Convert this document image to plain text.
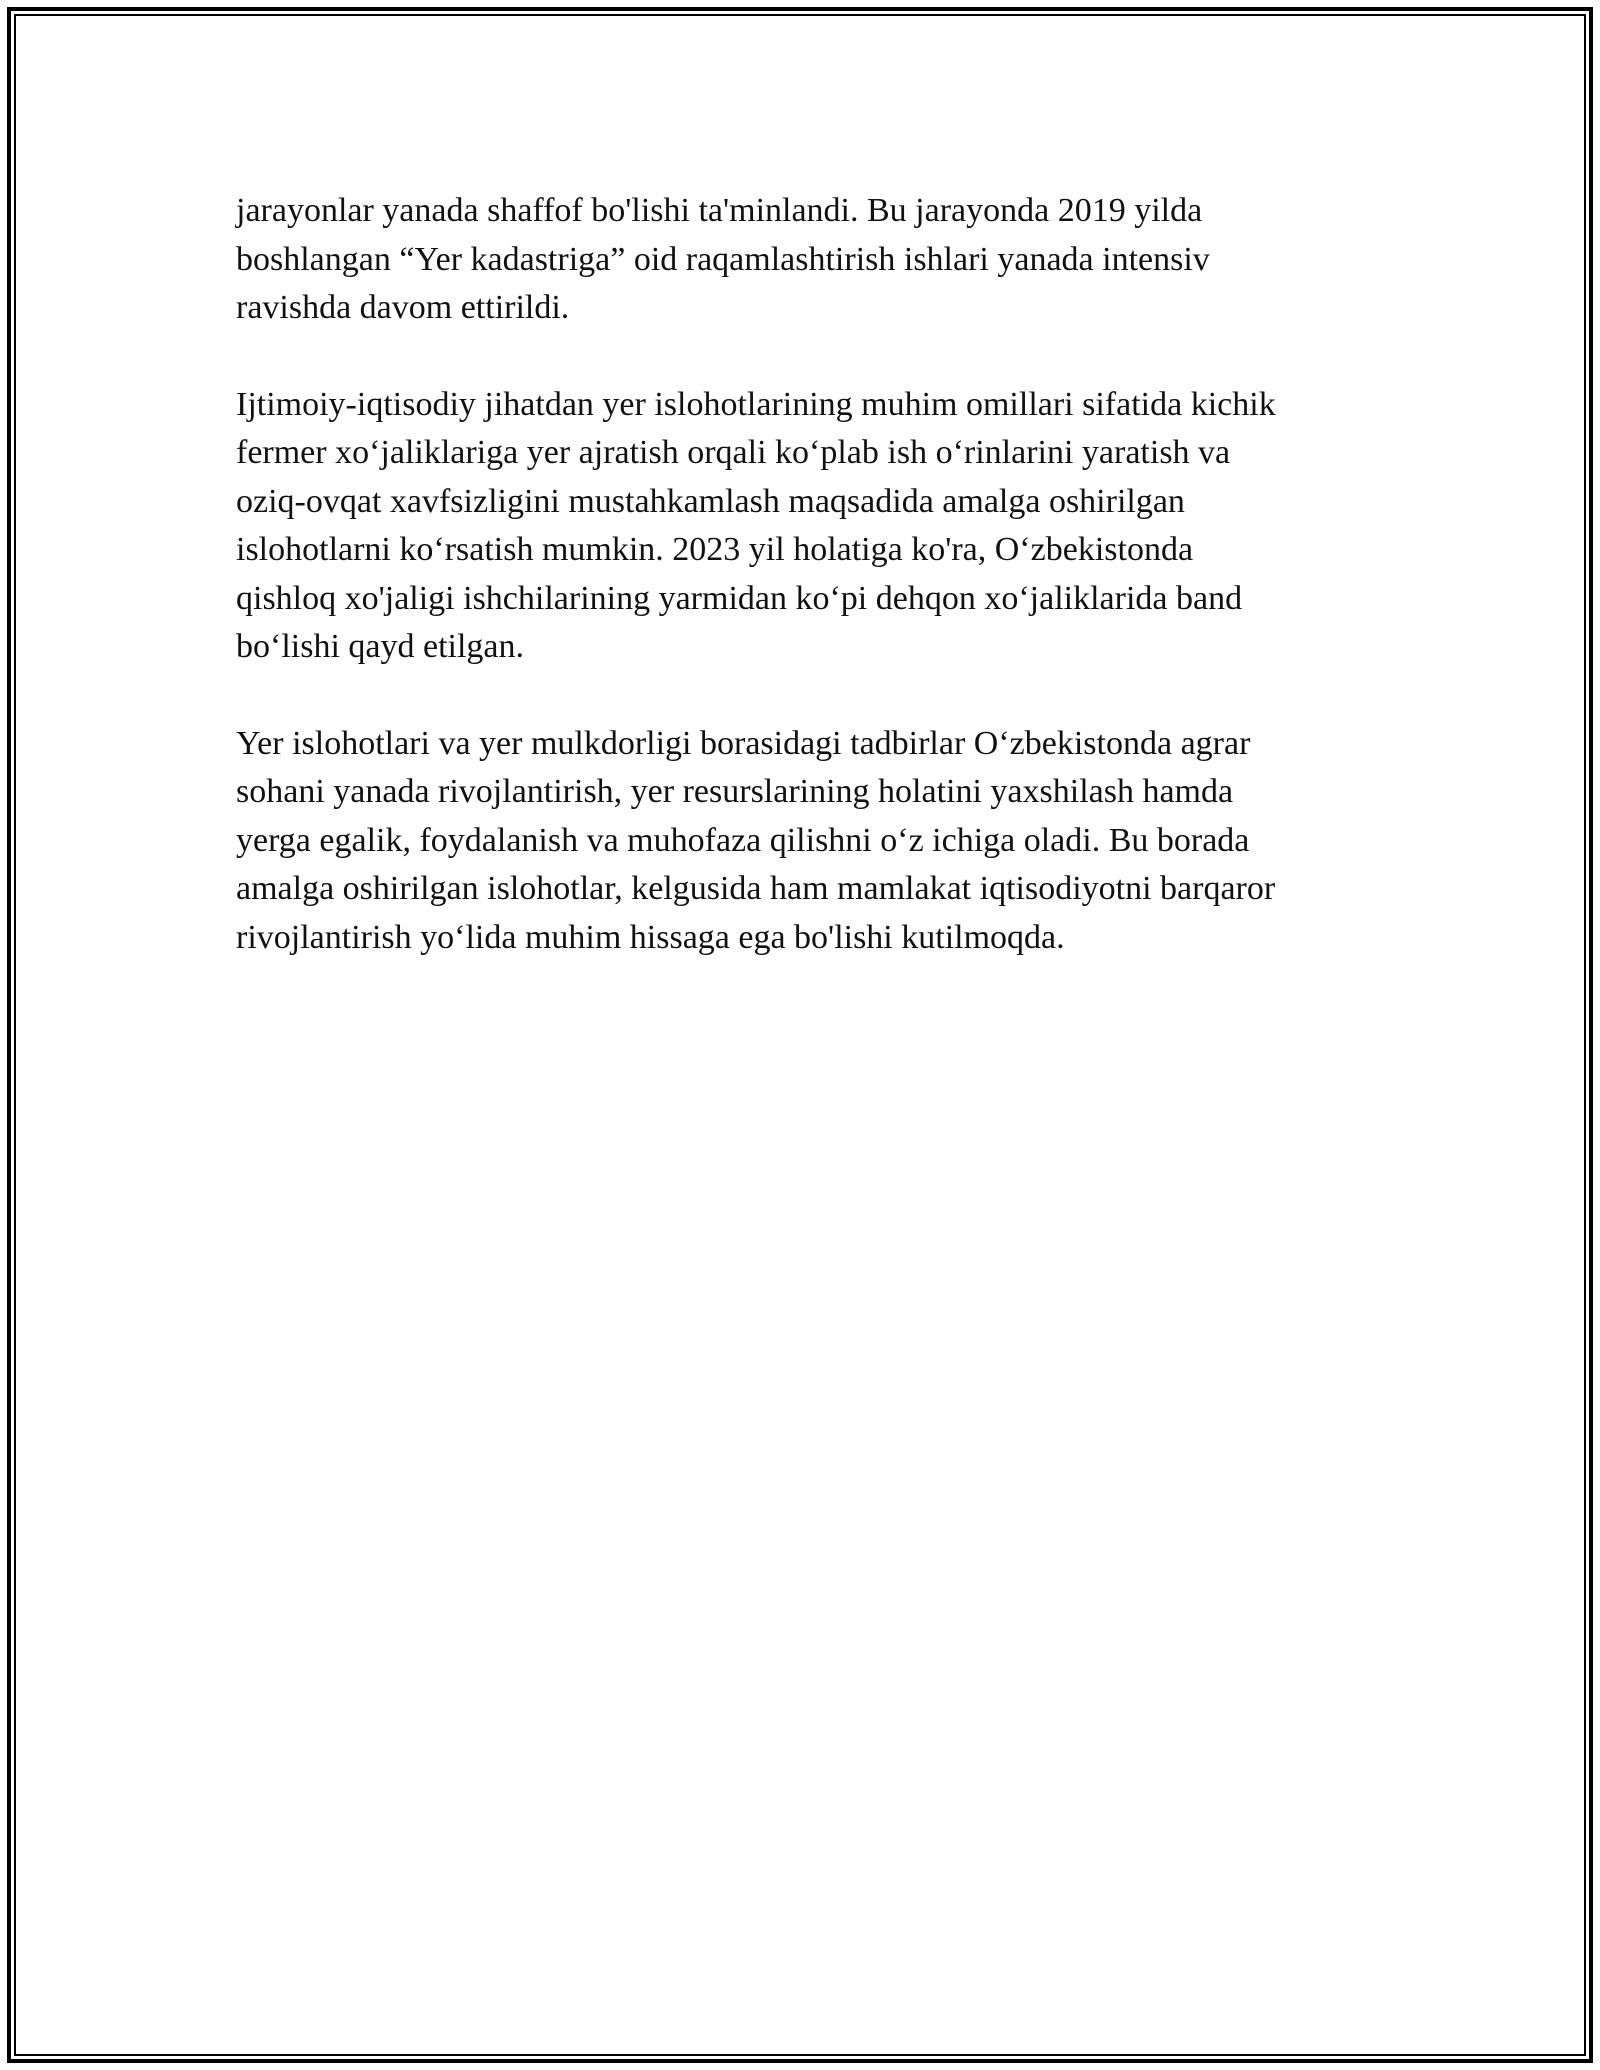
jarayonlar yanada shaffof bo'lishi ta'minlandi. Bu jarayonda 2019 yilda
boshlangan “Yer kadastriga” oid raqamlashtirish ishlari yanada intensiv
ravishda davom ettirildi.

Ijtimoiy-iqtisodiy jihatdan yer islohotlarining muhim omillari sifatida kichik
fermer xo‘jaliklariga yer ajratish orqali ko‘plab ish o‘rinlarini yaratish va
oziq-ovqat xavfsizligini mustahkamlash maqsadida amalga oshirilgan
islohotlarni ko‘rsatish mumkin. 2023 yil holatiga ko'ra, O‘zbekistonda
qishloq xo'jaligi ishchilarining yarmidan ko‘pi dehqon xo‘jaliklarida band
bo‘lishi qayd etilgan.

Yer islohotlari va yer mulkdorligi borasidagi tadbirlar O‘zbekistonda agrar
sohani yanada rivojlantirish, yer resurslarining holatini yaxshilash hamda
yerga egalik, foydalanish va muhofaza qilishni o‘z ichiga oladi. Bu borada
amalga oshirilgan islohotlar, kelgusida ham mamlakat iqtisodiyotni barqaror
rivojlantirish yo‘lida muhim hissaga ega bo'lishi kutilmoqda.
